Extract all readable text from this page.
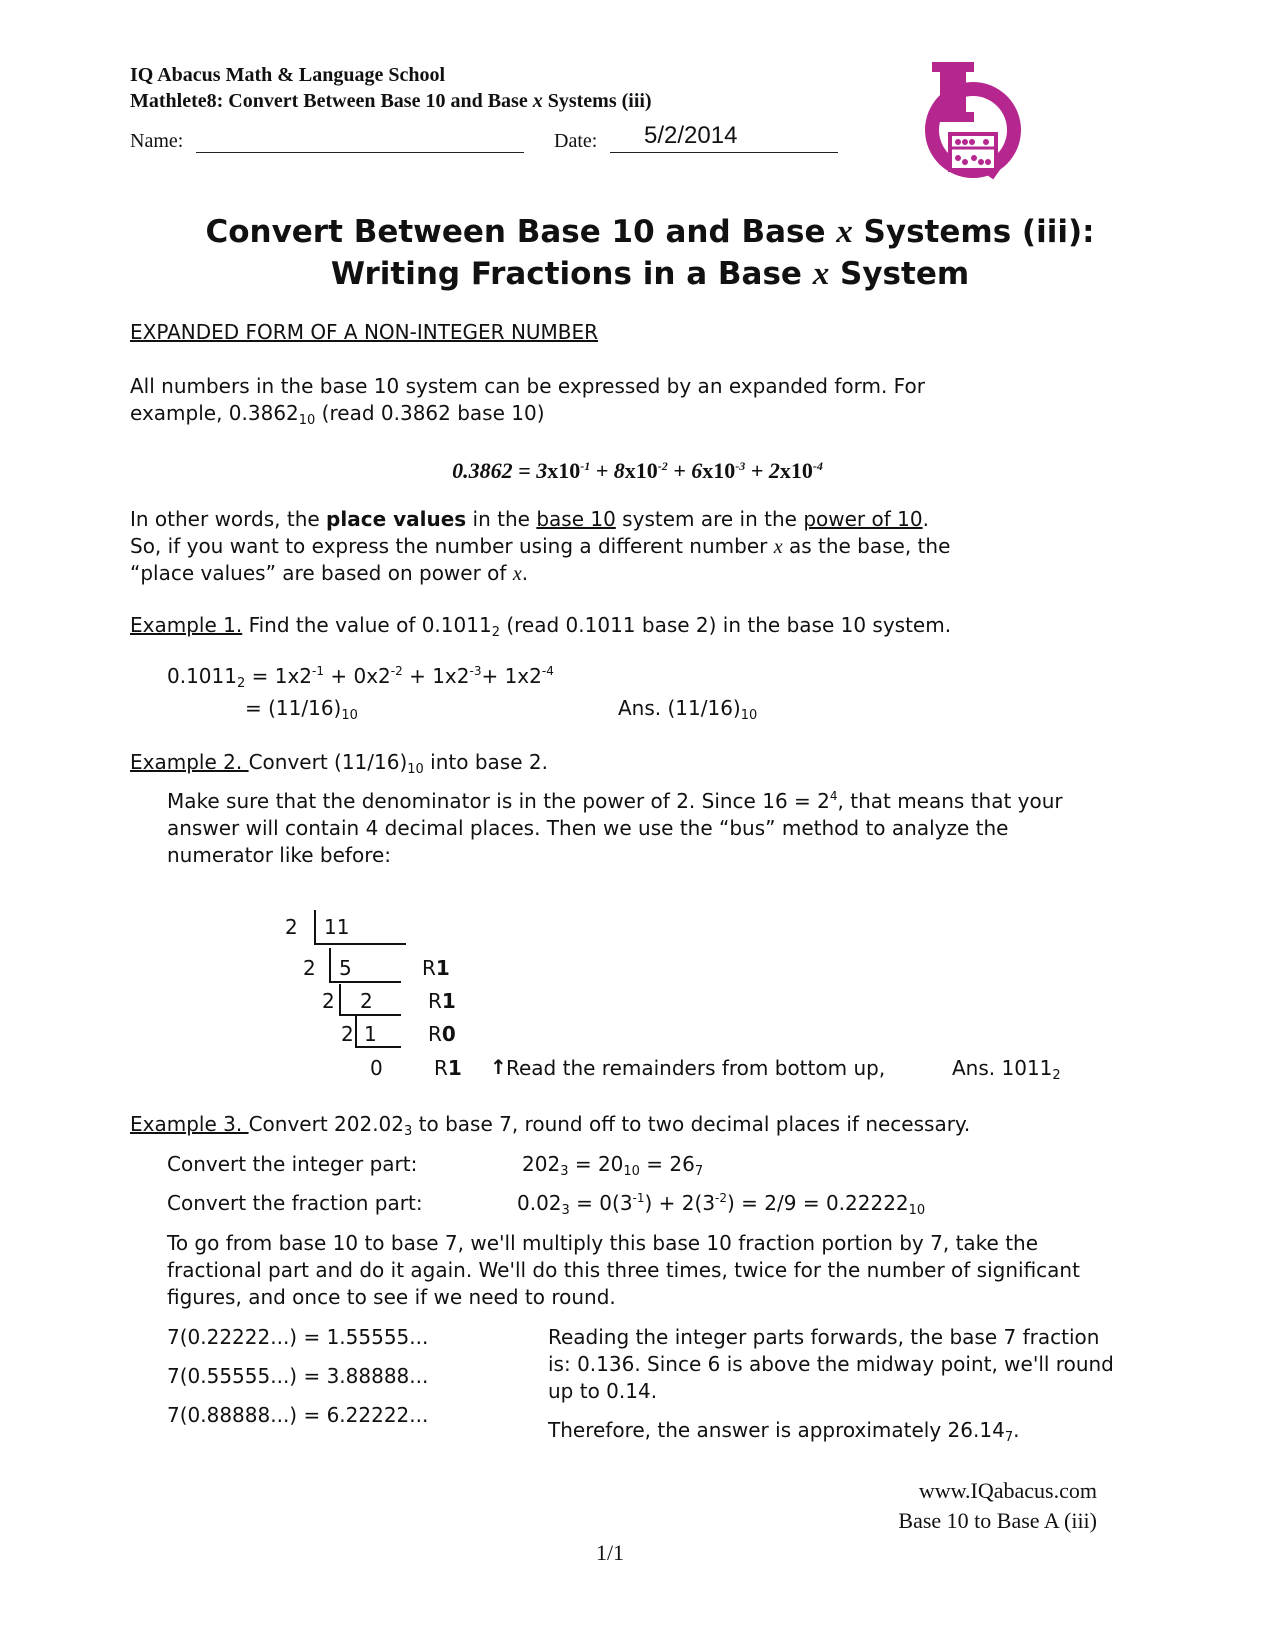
IQ Abacus Math & Language School
Mathlete8: Convert Between Base 10 and Base x Systems (iii)
Name:	Date: 5/2/2014
Convert Between Base 10 and Base x Systems (iii):
Writing Fractions in a Base x System
EXPANDED FORM OF A NON-INTEGER NUMBER
All numbers in the base 10 system can be expressed by an expanded form. For
example, $0.3862_{10}$ (read 0.3862 base 10)
$0.3862 = 3x10^{-1} + 8x10^{-2} + 6x10^{-3} + 2x10^{-4}$
In other words, the place values in the base 10 system are in the power of 10.
So, if you want to express the number using a different number x as the base, the
“place values” are based on power of x.
Example 1. Find the value of $0.1011_2$ (read 0.1011 base 2) in the base 10 system.
$0.1011_2 = 1x2^{-1} + 0x2^{-2} + 1x2^{-3}+ 1x2^{-4}$
= $(11/16)_{10}$	Ans. $(11/16)_{10}$
Example 2. Convert $(11/16)_{10}$ into base 2.
Make sure that the denominator is in the power of 2. Since $16 = 2^4$, that means that your
answer will contain 4 decimal places. Then we use the “bus” method to analyze the
numerator like before:
2 11
2 5	R1
2 2	R1
2 1	R0
0	R1 ↑ Read the remainders from bottom up,	Ans. $1011_2$
Example 3. Convert $202.02_3$ to base 7, round off to two decimal places if necessary.
Convert the integer part:	$202_3 = 20_{10} = 26_7$
Convert the fraction part:	$0.02_3 = 0(3^{-1}) + 2(3^{-2}) = 2/9 = 0.22222_{10}$
To go from base 10 to base 7, we'll multiply this base 10 fraction portion by 7, take the
fractional part and do it again. We'll do this three times, twice for the number of significant
figures, and once to see if we need to round.
7(0.22222...) = 1.55555...
7(0.55555...) = 3.88888...
7(0.88888...) = 6.22222...
Reading the integer parts forwards, the base 7 fraction
is: 0.136. Since 6 is above the midway point, we'll round
up to 0.14.
Therefore, the answer is approximately $26.14_7$.
www.IQabacus.com
Base 10 to Base A (iii)
1/1
